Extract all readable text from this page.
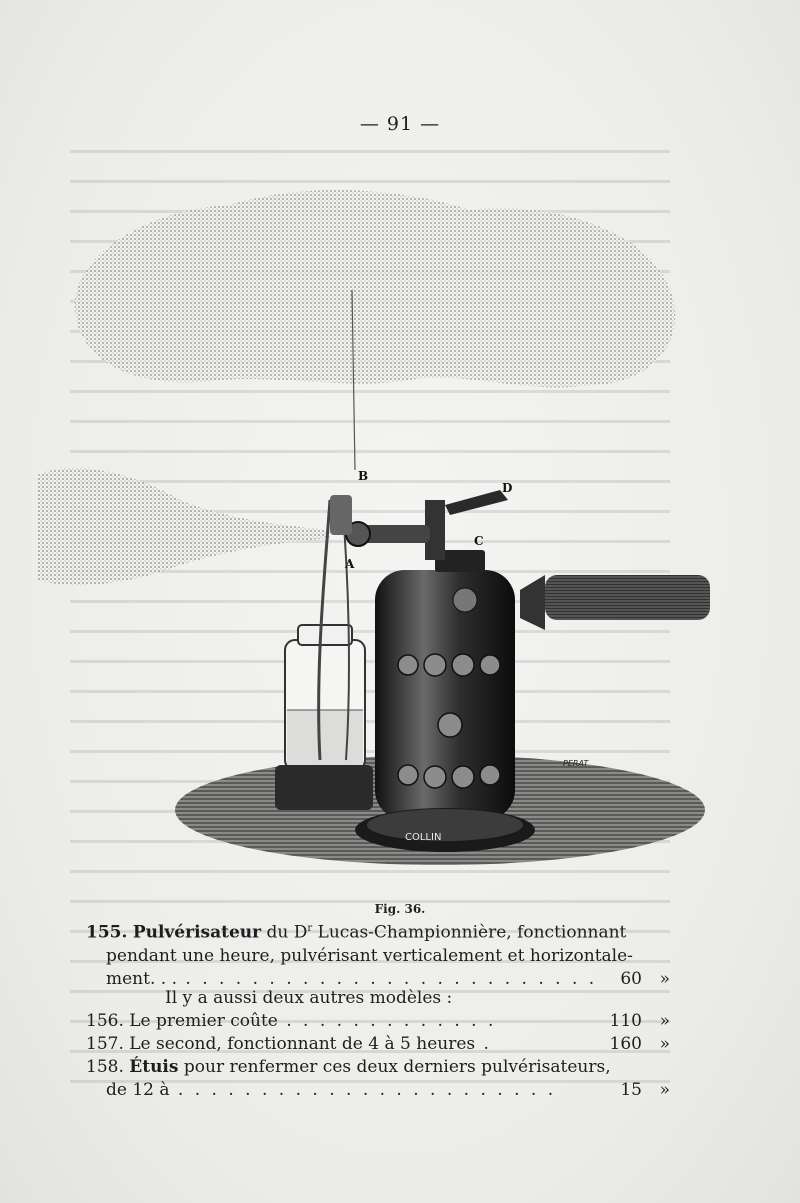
— 91 —
COLLIN
B
D
C
A
PERAT
Fig. 36.
155. Pulvérisateur du $D^r$ Lucas-Championnière, fonctionnant
pendant une heure, pulvérisant verticalement et horizontale-
ment. . . . . . . . . . . . . . . . . . . . . . . . . . . . 60 »
Il y a aussi deux autres modèles :
156. Le premier coûte . . . . . . . . . . . . .	110 »
157. Le second, fonctionnant de 4 à 5 heures .	160 »
158. Étuis pour renfermer ces deux derniers pulvérisateurs,
de 12 à . . . . . . . . . . . . . . . . . . . . . . .	15 »
